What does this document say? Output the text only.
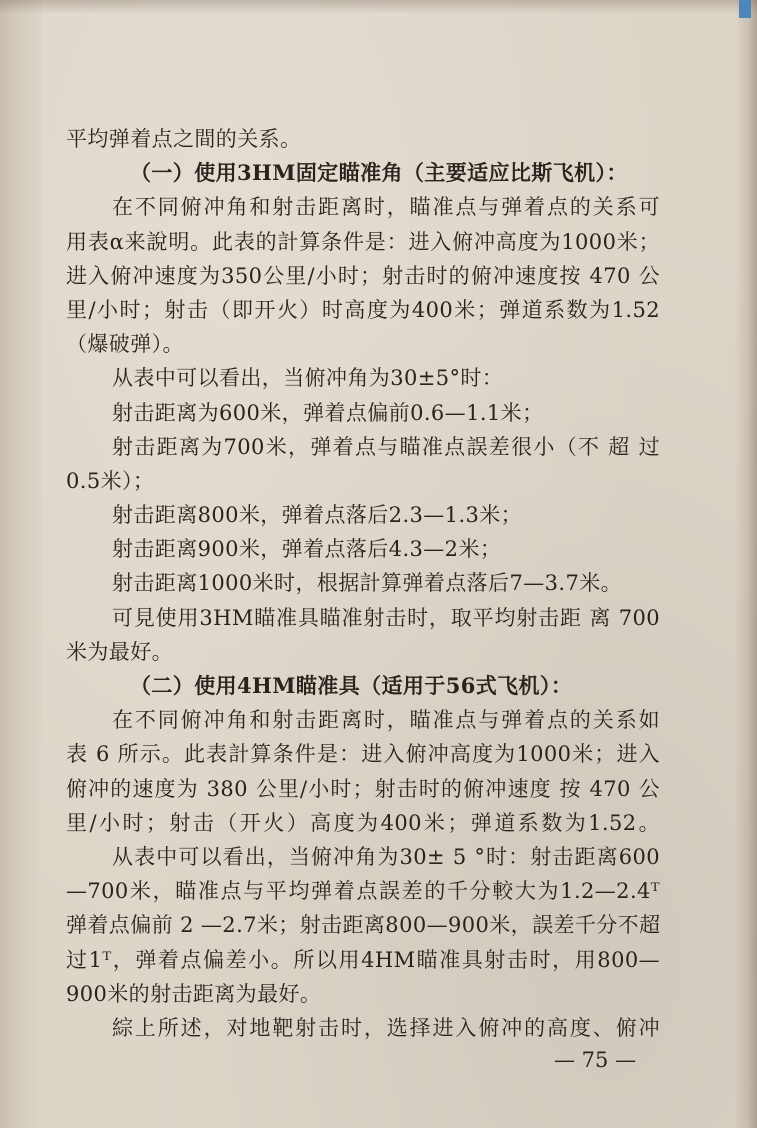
平均弹着点之間的关系。
（一）使用3HM固定瞄准角（主要适应比斯飞机）：
在不同俯冲角和射击距离时，瞄准点与弹着点的关系可
用表α来說明。此表的計算条件是：进入俯冲高度为1000米；
进入俯冲速度为350公里/小时；射击时的俯冲速度按 470 公
里/小时；射击（即开火）时高度为400米；弹道系数为1.52
（爆破弹）。
从表中可以看出，当俯冲角为30±5°时：
射击距离为600米，弹着点偏前0.6—1.1米；
射击距离为700米，弹着点与瞄准点誤差很小（不 超 过
0.5米）；
射击距离800米，弹着点落后2.3—1.3米；
射击距离900米，弹着点落后4.3—2米；
射击距离1000米时，根据計算弹着点落后7—3.7米。
可見使用3HM瞄准具瞄准射击时，取平均射击距 离 700
米为最好。
（二）使用4HM瞄准具（适用于56式飞机）：
在不同俯冲角和射击距离时，瞄准点与弹着点的关系如
表 6 所示。此表計算条件是：进入俯冲高度为1000米；进入
俯冲的速度为 380 公里/小时；射击时的俯冲速度 按 470 公
里/小时；射击（开火）高度为400米；弹道系数为1.52。
从表中可以看出，当俯冲角为30± 5 °时：射击距离600
—700米，瞄准点与平均弹着点誤差的千分較大为1.2—2.4ᵀ
弹着点偏前 2 —2.7米；射击距离800—900米，誤差千分不超
过1ᵀ，弹着点偏差小。所以用4HM瞄准具射击时，用800—
900米的射击距离为最好。
綜上所述，对地靶射击时，选择进入俯冲的高度、俯冲
— 75 —
